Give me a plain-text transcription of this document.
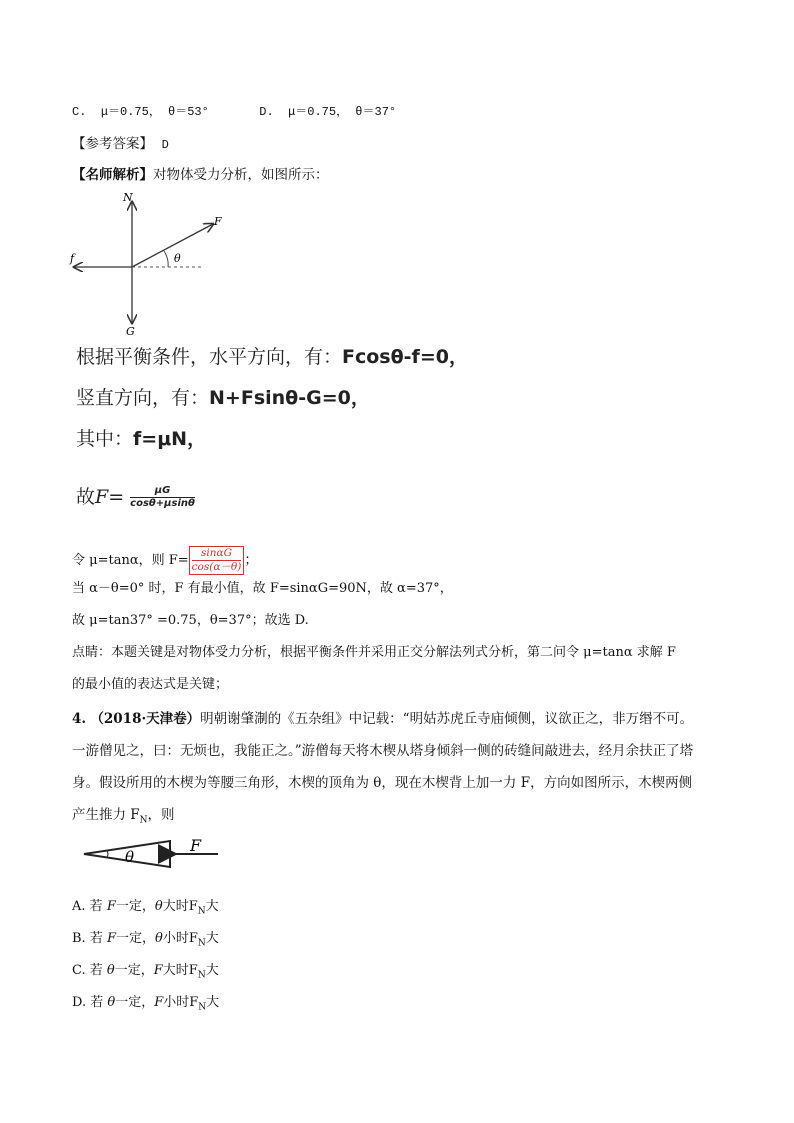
C. μ＝0.75， θ＝53°	D. μ＝0.75， θ＝37°
【参考答案】 D
【名师解析】对物体受力分析，如图所示：
N
F
f
G
θ
根据平衡条件，水平方向，有：Fcosθ-f=0，
竖直方向，有：N+Fsinθ-G=0，
其中：f=μN，
故$F= \frac{\mu G}{\cos\theta+\mu\sin\theta}$
令 μ=tanα，则 $F= \frac{\sin\alpha G}{\cos(\alpha-\theta)}$；
当 α－θ=0° 时，F 有最小值，故 F=sinαG=90N，故 α=37°，
故 μ=tan37° =0.75，θ=37°；故选 D.
点睛：本题关键是对物体受力分析，根据平衡条件并采用正交分解法列式分析，第二问令 μ=tanα 求解 F
的最小值的表达式是关键；
4. （2018·天津卷）明朝谢肇淛的《五杂组》中记载：“明姑苏虎丘寺庙倾侧，议欲正之，非万缗不可。
一游僧见之，曰：无烦也，我能正之。”游僧每天将木楔从塔身倾斜一侧的砖缝间敲进去，经月余扶正了塔
身。假设所用的木楔为等腰三角形，木楔的顶角为 θ，现在木楔背上加一力 F，方向如图所示，木楔两侧
产生推力 $F_N$，则
θ
F
A. 若 F一定，θ大时$F_N$大
B. 若 F一定，θ小时$F_N$大
C. 若 θ一定，F大时$F_N$大
D. 若 θ一定，F小时$F_N$大
